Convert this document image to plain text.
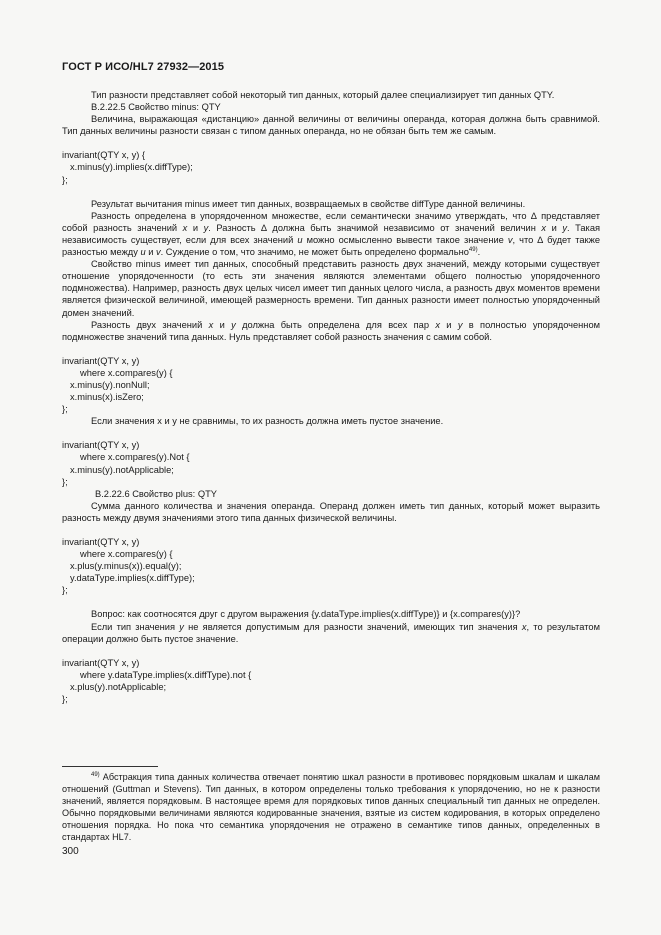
ГОСТ Р ИСО/HL7 27932—2015

Тип разности представляет собой некоторый тип данных, который далее специализирует тип данных QTY.

В.2.22.5 Свойство minus: QTY

Величина, выражающая «дистанцию» данной величины от величины операнда, которая должна быть сравнимой. Тип данных величины разности связан с типом данных операнда, но не обязан быть тем же самым.

invariant(QTY x, y) {

x.minus(y).implies(x.diffType);

};

Результат вычитания minus имеет тип данных, возвращаемых в свойстве diffType данной величины.

Разность определена в упорядоченном множестве, если семантически значимо утверждать, что ∆ представляет собой разность значений x и y. Разность ∆ должна быть значимой независимо от значений величин x и y. Такая независимость существует, если для всех значений u можно осмысленно вывести такое значение v, что ∆ будет также разностью между u и v. Суждение о том, что значимо, не может быть определено формально$^{49)}$.

Свойство minus имеет тип данных, способный представить разность двух значений, между которыми существует отношение упорядоченности (то есть эти значения являются элементами общего полностью упорядоченного подмножества). Например, разность двух целых чисел имеет тип данных целого числа, а разность двух моментов времени является физической величиной, имеющей размерность времени. Тип данных разности имеет полностью упорядоченный домен значений.

Разность двух значений x и y должна быть определена для всех пар x и y в полностью упорядоченном подмножестве значений типа данных. Нуль представляет собой разность значения с самим собой.

invariant(QTY x, y)

where x.compares(y) {

x.minus(y).nonNull;

x.minus(x).isZero;

};

Если значения x и y не сравнимы, то их разность должна иметь пустое значение.

invariant(QTY x, y)

where x.compares(y).Not {

x.minus(y).notApplicable;

};

В.2.22.6 Свойство plus: QTY

Сумма данного количества и значения операнда. Операнд должен иметь тип данных, который может выразить разность между двумя значениями этого типа данных физической величины.

invariant(QTY x, y)

where x.compares(y) {

x.plus(y.minus(x)).equal(y);

y.dataType.implies(x.diffType);

};

Вопрос: как соотносятся друг с другом выражения {y.dataType.implies(x.diffType)} и {x.compares(y)}?

Если тип значения y не является допустимым для разности значений, имеющих тип значения x, то результатом операции должно быть пустое значение.

invariant(QTY x, y)

where y.dataType.implies(x.diffType).not {

x.plus(y).notApplicable;

};

$^{49)}$ Абстракция типа данных количества отвечает понятию шкал разности в противовес порядковым шкалам и шкалам отношений (Guttman и Stevens). Тип данных, в котором определены только требования к упорядочению, но не к разности значений, является порядковым. В настоящее время для порядковых типов данных специальный тип данных не определен. Обычно порядковыми величинами являются кодированные значения, взятые из систем кодирования, в которых определено отношения порядка. Но пока что семантика упорядочения не отражено в семантике типов данных, определенных в стандартах HL7.

300
